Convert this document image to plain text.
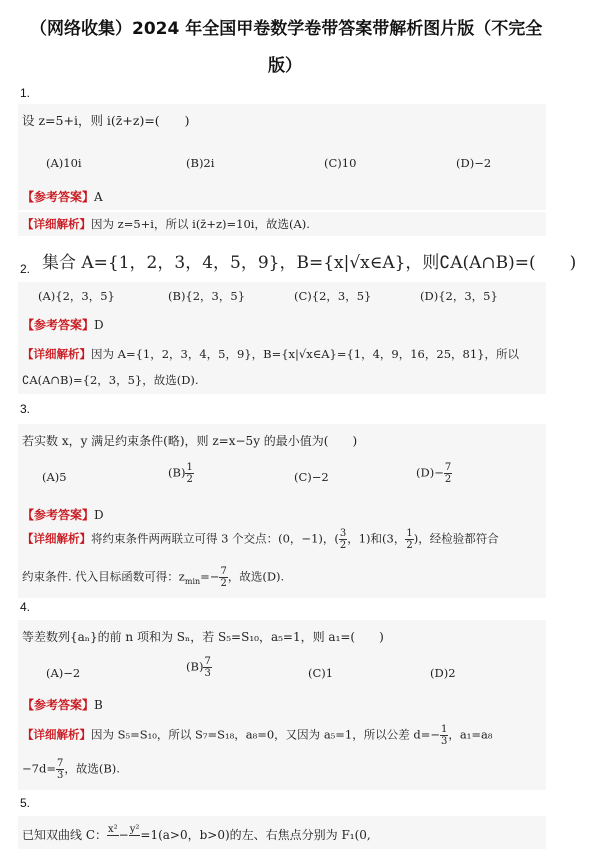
（网络收集）2024 年全国甲卷数学卷带答案带解析图片版（不完全
版）
1.
设 z=5+i，则 i(z̄+z)=(　　)
(A)10i	(B)2i	(C)10	(D)−2
【参考答案】A
【详细解析】因为 z=5+i，所以 i(z̄+z)=10i，故选(A).
2. 集合 A={1，2，3，4，5，9}，B={x|√x∈A}，则∁A(A∩B)=(　　)
(A){2，3，5}	(B){2，3，5}	(C){2，3，5}	(D){2，3，5}
【参考答案】D
【详细解析】因为 A={1，2，3，4，5，9}，B={x|√x∈A}={1，4，9，16，25，81}，所以
∁A(A∩B)={2，3，5}，故选(D).
3.
若实数 x，y 满足约束条件(略)，则 z=x−5y 的最小值为(　　)
(A)5	$(B) \frac{1}{2}$	(C)−2	$(D)- \frac{7}{2}$
【参考答案】D
【详细解析】将约束条件两两联立可得 3 个交点：(0，−1)，( $\frac{3}{2}$ ，1)和(3， $\frac{1}{2}$ )，经检验都符合
约束条件. 代入目标函数可得：$z_{min}=- \frac{7}{2}$ ，故选(D).
4.
等差数列{aₙ}的前 n 项和为 Sₙ，若 S₅=S₁₀，a₅=1，则 a₁=(　　)
(A)−2	$(B) \frac{7}{3}$	(C)1	(D)2
【参考答案】B
【详细解析】因为 S₅=S₁₀，所以 S₇=S₁₈，a₈=0，又因为 a₅=1，所以公差 $d=- \frac{1}{3}$ ，a₁=a₈
$-7d= \frac{7}{3}$ ，故选(B).
5.
已知双曲线 C： x²
− y²
=1(a>0，b>0)的左、右焦点分别为 F₁(0,
